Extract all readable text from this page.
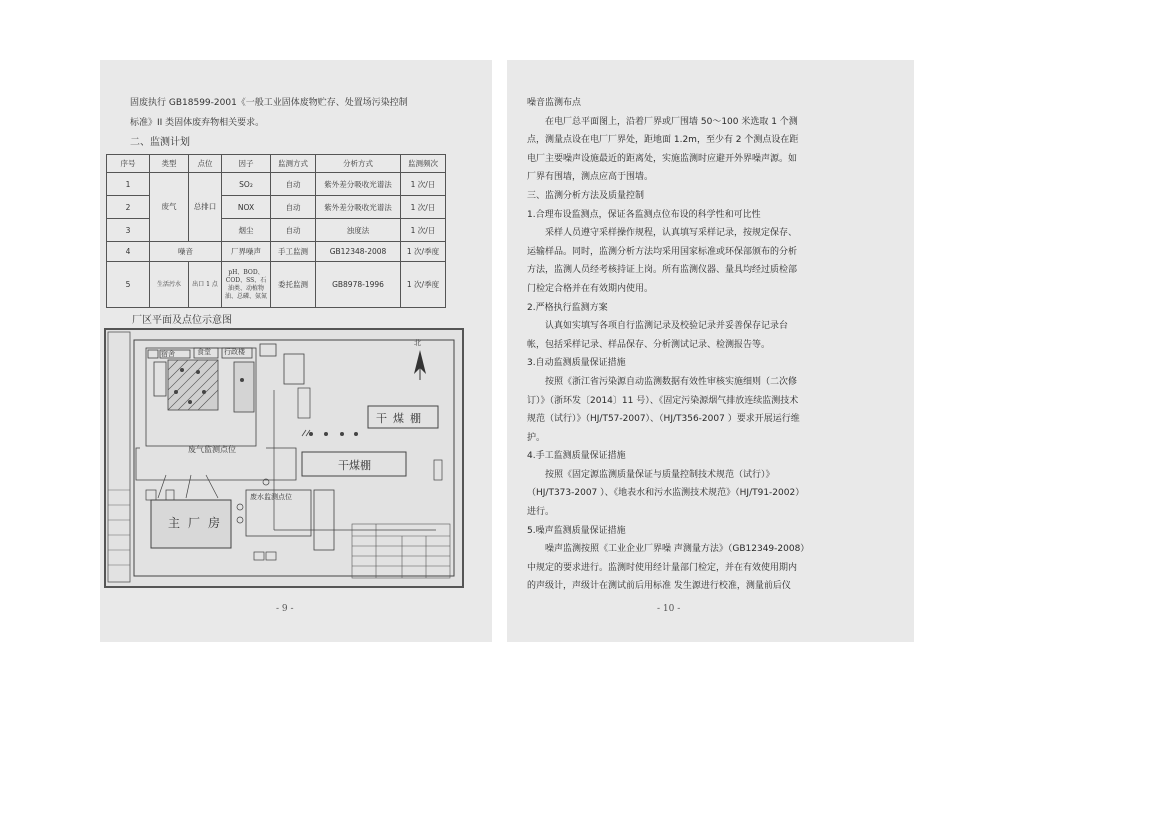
固废执行 GB18599-2001《一般工业固体废物贮存、处置场污染控制
标准》II 类固体废弃物相关要求。
二、监测计划
序号	类型	点位	因子	监测方式	分析方式	监测频次
1	废气	总排口	SO₂	自动	紫外差分吸收光谱法	1 次/日
2			NOX	自动	紫外差分吸收光谱法	1 次/日
3			烟尘	自动	浊度法	1 次/日
4	噪音		厂界噪声	手工监测	GB12348-2008	1 次/季度
5	生活污水	出口 1 点	pH、BOD、COD、SS、石油类、动植物油、总磷、氨氮	委托监测	GB8978-1996	1 次/季度
厂区平面及点位示意图
宿舍	食堂 行政楼
干煤棚
干煤棚
废气监测点位
主厂房
废水监测点位
北
- 9 -
噪音监测布点
在电厂总平面图上，沿着厂界或厂围墙 50～100 米选取 1 个测
点，测量点设在电厂厂界处，距地面 1.2m，至少有 2 个测点设在距
电厂主要噪声设施最近的距离处，实施监测时应避开外界噪声源。如
厂界有围墙，测点应高于围墙。
三、监测分析方法及质量控制
1.合理布设监测点，保证各监测点位布设的科学性和可比性
采样人员遵守采样操作规程，认真填写采样记录，按规定保存、
运输样品。同时，监测分析方法均采用国家标准或环保部颁布的分析
方法，监测人员经考核持证上岗。所有监测仪器、量具均经过质检部
门检定合格并在有效期内使用。
2.严格执行监测方案
认真如实填写各项自行监测记录及校验记录并妥善保存记录台
帐，包括采样记录、样品保存、分析测试记录、检测报告等。
3.自动监测质量保证措施
按照《浙江省污染源自动监测数据有效性审核实施细则（二次修
订）》（浙环发〔2014〕11 号）、《固定污染源烟气排放连续监测技术
规范（试行）》（HJ/T57-2007）、（HJ/T356-2007 ）要求开展运行维
护。
4.手工监测质量保证措施
按照《固定源监测质量保证与质量控制技术规范（试行）》
（HJ/T373-2007 ）、《地表水和污水监测技术规范》（HJ/T91-2002）
进行。
5.噪声监测质量保证措施
噪声监测按照《工业企业厂界噪 声测量方法》（GB12349-2008）
中规定的要求进行。监测时使用经计量部门检定，并在有效使用期内
的声级计，声级计在测试前后用标准 发生源进行校准，测量前后仪
- 10 -
